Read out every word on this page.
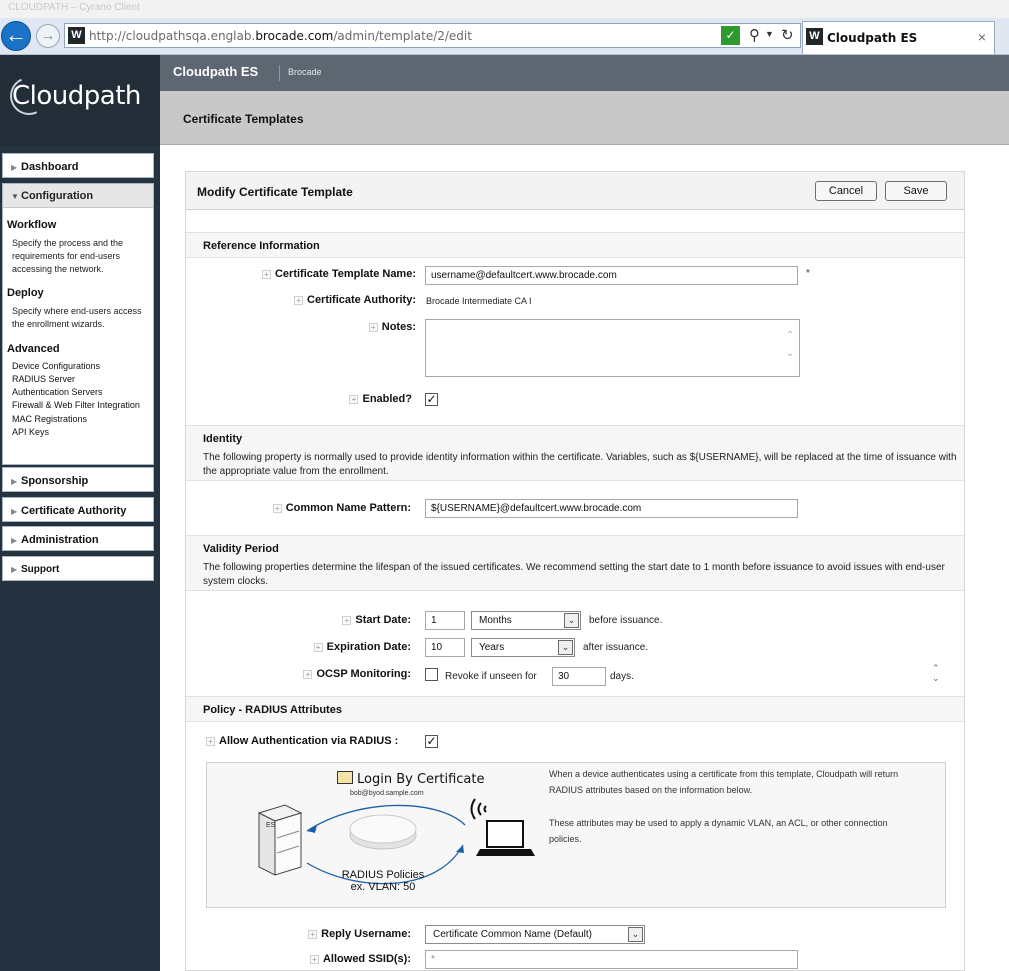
CLOUDPATH – Cyrano Client
← →	W http://cloudpathsqa.englab.brocade.com/admin/template/2/edit	✓ ⚲ ▼ ↻ W Cloudpath ES	×
Cloudpath
▶ Dashboard
▼ Configuration
Workflow
Specify the process and the requirements for end-users accessing the network.
Deploy
Specify where end-users access the enrollment wizards.
Advanced
Device Configurations
RADIUS Server
Authentication Servers
Firewall & Web Filter Integration
MAC Registrations
API Keys
▶ Sponsorship
▶ Certificate Authority
▶ Administration
▶ Support
Cloudpath ES	Brocade
Certificate Templates
Modify Certificate Template	Cancel	Save
Reference Information
+ Certificate Template Name:	username@defaultcert.www.brocade.com	*
+ Certificate Authority: Brocade Intermediate CA I
+ Notes:
⌃
⌄
+ Enabled? ✓
Identity
The following property is normally used to provide identity information within the certificate. Variables, such as ${USERNAME}, will be replaced at the time of issuance with the appropriate value from the enrollment.
+ Common Name Pattern:	${USERNAME}@defaultcert.www.brocade.com
Validity Period
The following properties determine the lifespan of the issued certificates. We recommend setting the start date to 1 month before issuance to avoid issues with end-user system clocks.
+ Start Date:	1	Months	⌄	before issuance.
+ Expiration Date:	10	Years	⌄	after issuance.
+ OCSP Monitoring:	Revoke if unseen for	30	days.
⌃
⌄
Policy - RADIUS Attributes
+ Allow Authentication via RADIUS : ✓
Login By Certificate
bob@byod.sample.com
ES
RADIUS Policies
ex. VLAN: 50
When a device authenticates using a certificate from this template, Cloudpath will return RADIUS attributes based on the information below.
These attributes may be used to apply a dynamic VLAN, an ACL, or other connection policies.
+ Reply Username:	Certificate Common Name (Default)	⌄
+ Allowed SSID(s):	*
